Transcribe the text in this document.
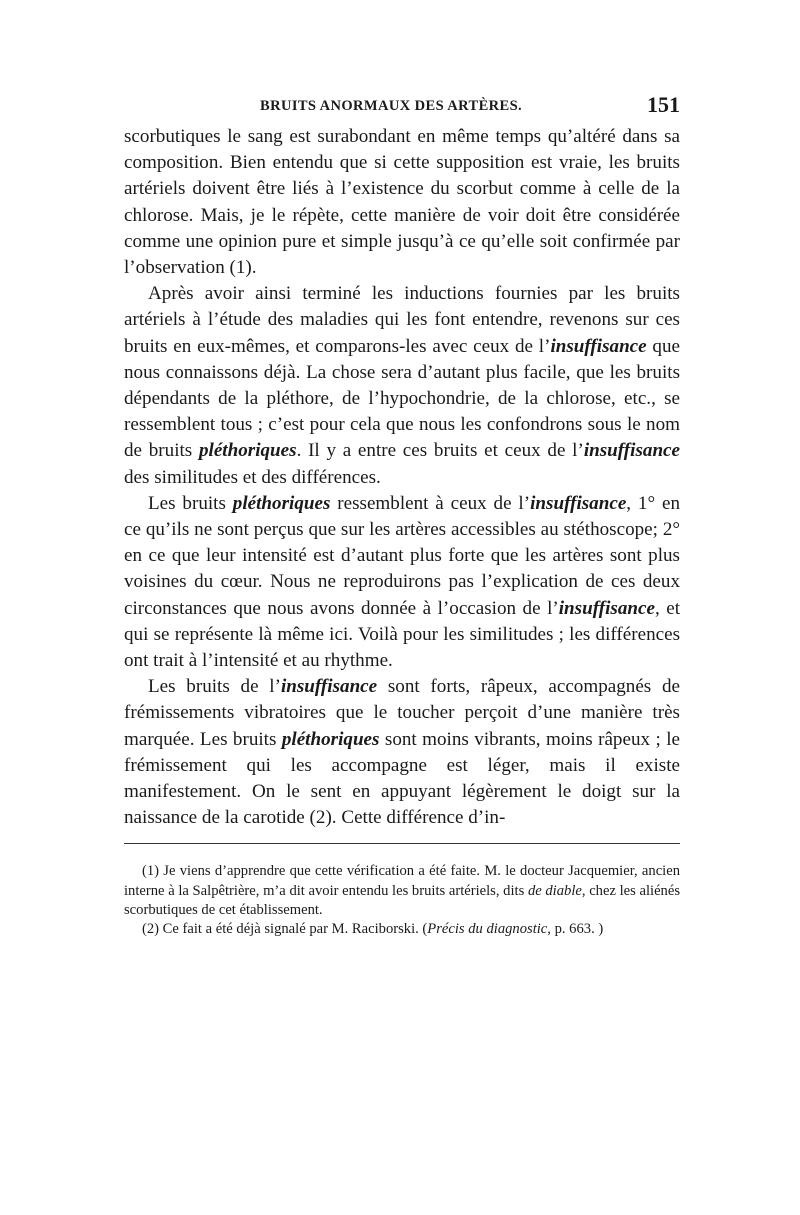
BRUITS ANORMAUX DES ARTÈRES.	151

scorbutiques le sang est surabondant en même temps qu’altéré dans sa composition. Bien entendu que si cette supposition est vraie, les bruits artériels doivent être liés à l’existence du scorbut comme à celle de la chlorose. Mais, je le répète, cette manière de voir doit être considérée comme une opinion pure et simple jusqu’à ce qu’elle soit confirmée par l’observation (1).

Après avoir ainsi terminé les inductions fournies par les bruits artériels à l’étude des maladies qui les font entendre, revenons sur ces bruits en eux-mêmes, et comparons-les avec ceux de l’insuffisance que nous connaissons déjà. La chose sera d’autant plus facile, que les bruits dépendants de la pléthore, de l’hypochondrie, de la chlorose, etc., se ressemblent tous ; c’est pour cela que nous les confondrons sous le nom de bruits pléthoriques. Il y a entre ces bruits et ceux de l’insuffisance des similitudes et des différences.

Les bruits pléthoriques ressemblent à ceux de l’insuffisance, 1° en ce qu’ils ne sont perçus que sur les artères accessibles au stéthoscope; 2° en ce que leur intensité est d’autant plus forte que les artères sont plus voisines du cœur. Nous ne reproduirons pas l’explication de ces deux circonstances que nous avons donnée à l’occasion de l’insuffisance, et qui se représente là même ici. Voilà pour les similitudes ; les différences ont trait à l’intensité et au rhythme.

Les bruits de l’insuffisance sont forts, râpeux, accompagnés de frémissements vibratoires que le toucher perçoit d’une manière très marquée. Les bruits pléthoriques sont moins vibrants, moins râpeux ; le frémissement qui les accompagne est léger, mais il existe manifestement. On le sent en appuyant légèrement le doigt sur la naissance de la carotide (2). Cette différence d’in-

(1) Je viens d’apprendre que cette vérification a été faite. M. le docteur Jacquemier, ancien interne à la Salpêtrière, m’a dit avoir entendu les bruits artériels, dits de diable, chez les aliénés scorbutiques de cet établissement.

(2) Ce fait a été déjà signalé par M. Raciborski. (Précis du diagnostic, p. 663. )
